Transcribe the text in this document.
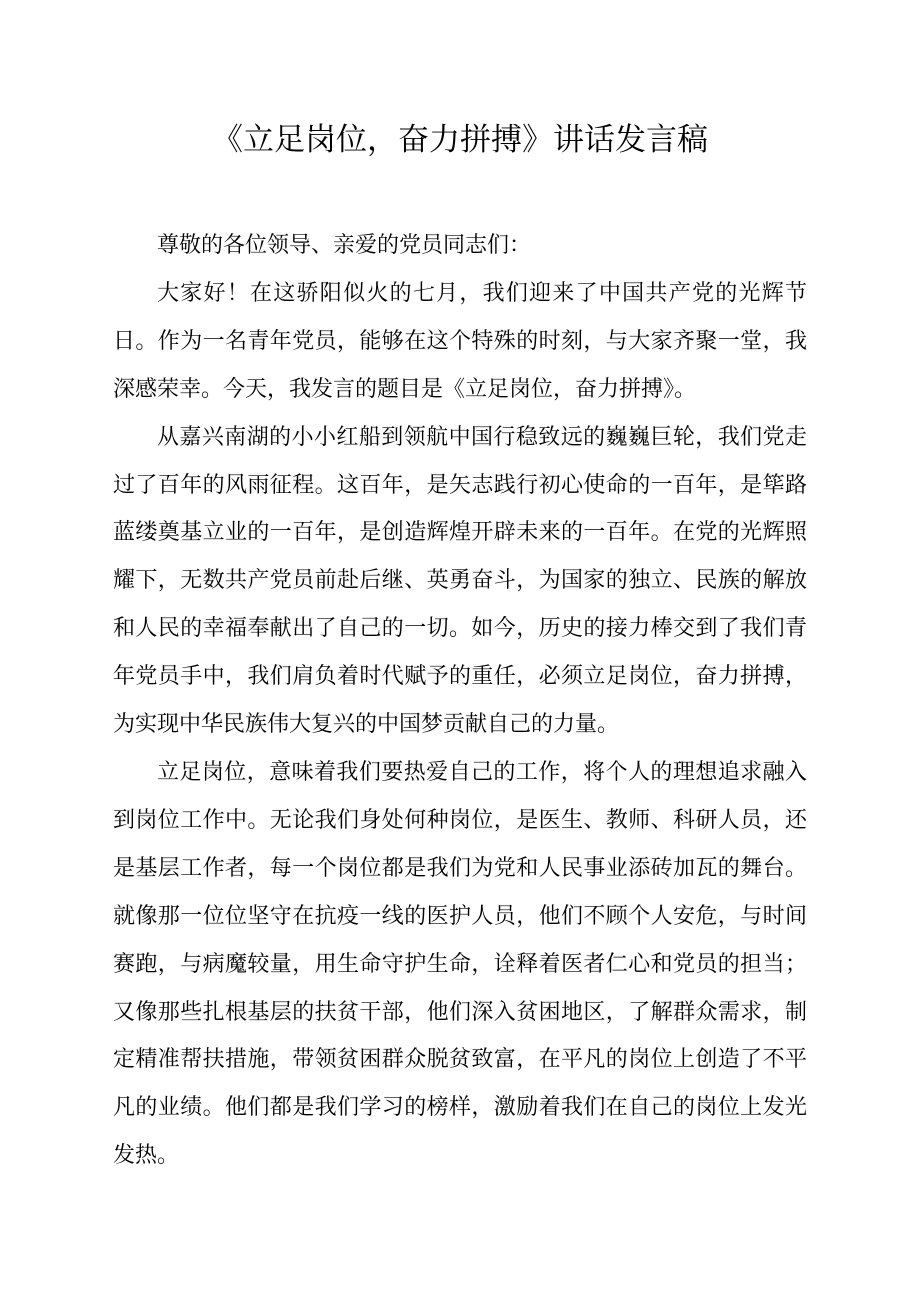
《立足岗位，奋力拼搏》讲话发言稿

尊敬的各位领导、亲爱的党员同志们：

大家好！在这骄阳似火的七月，我们迎来了中国共产党的光辉节日。作为一名青年党员，能够在这个特殊的时刻，与大家齐聚一堂，我深感荣幸。今天，我发言的题目是《立足岗位，奋力拼搏》。

从嘉兴南湖的小小红船到领航中国行稳致远的巍巍巨轮，我们党走过了百年的风雨征程。这百年，是矢志践行初心使命的一百年，是筚路蓝缕奠基立业的一百年，是创造辉煌开辟未来的一百年。在党的光辉照耀下，无数共产党员前赴后继、英勇奋斗，为国家的独立、民族的解放和人民的幸福奉献出了自己的一切。如今，历史的接力棒交到了我们青年党员手中，我们肩负着时代赋予的重任，必须立足岗位，奋力拼搏，为实现中华民族伟大复兴的中国梦贡献自己的力量。

立足岗位，意味着我们要热爱自己的工作，将个人的理想追求融入到岗位工作中。无论我们身处何种岗位，是医生、教师、科研人员，还是基层工作者，每一个岗位都是我们为党和人民事业添砖加瓦的舞台。就像那一位位坚守在抗疫一线的医护人员，他们不顾个人安危，与时间赛跑，与病魔较量，用生命守护生命，诠释着医者仁心和党员的担当；又像那些扎根基层的扶贫干部，他们深入贫困地区，了解群众需求，制定精准帮扶措施，带领贫困群众脱贫致富，在平凡的岗位上创造了不平凡的业绩。他们都是我们学习的榜样，激励着我们在自己的岗位上发光发热。
